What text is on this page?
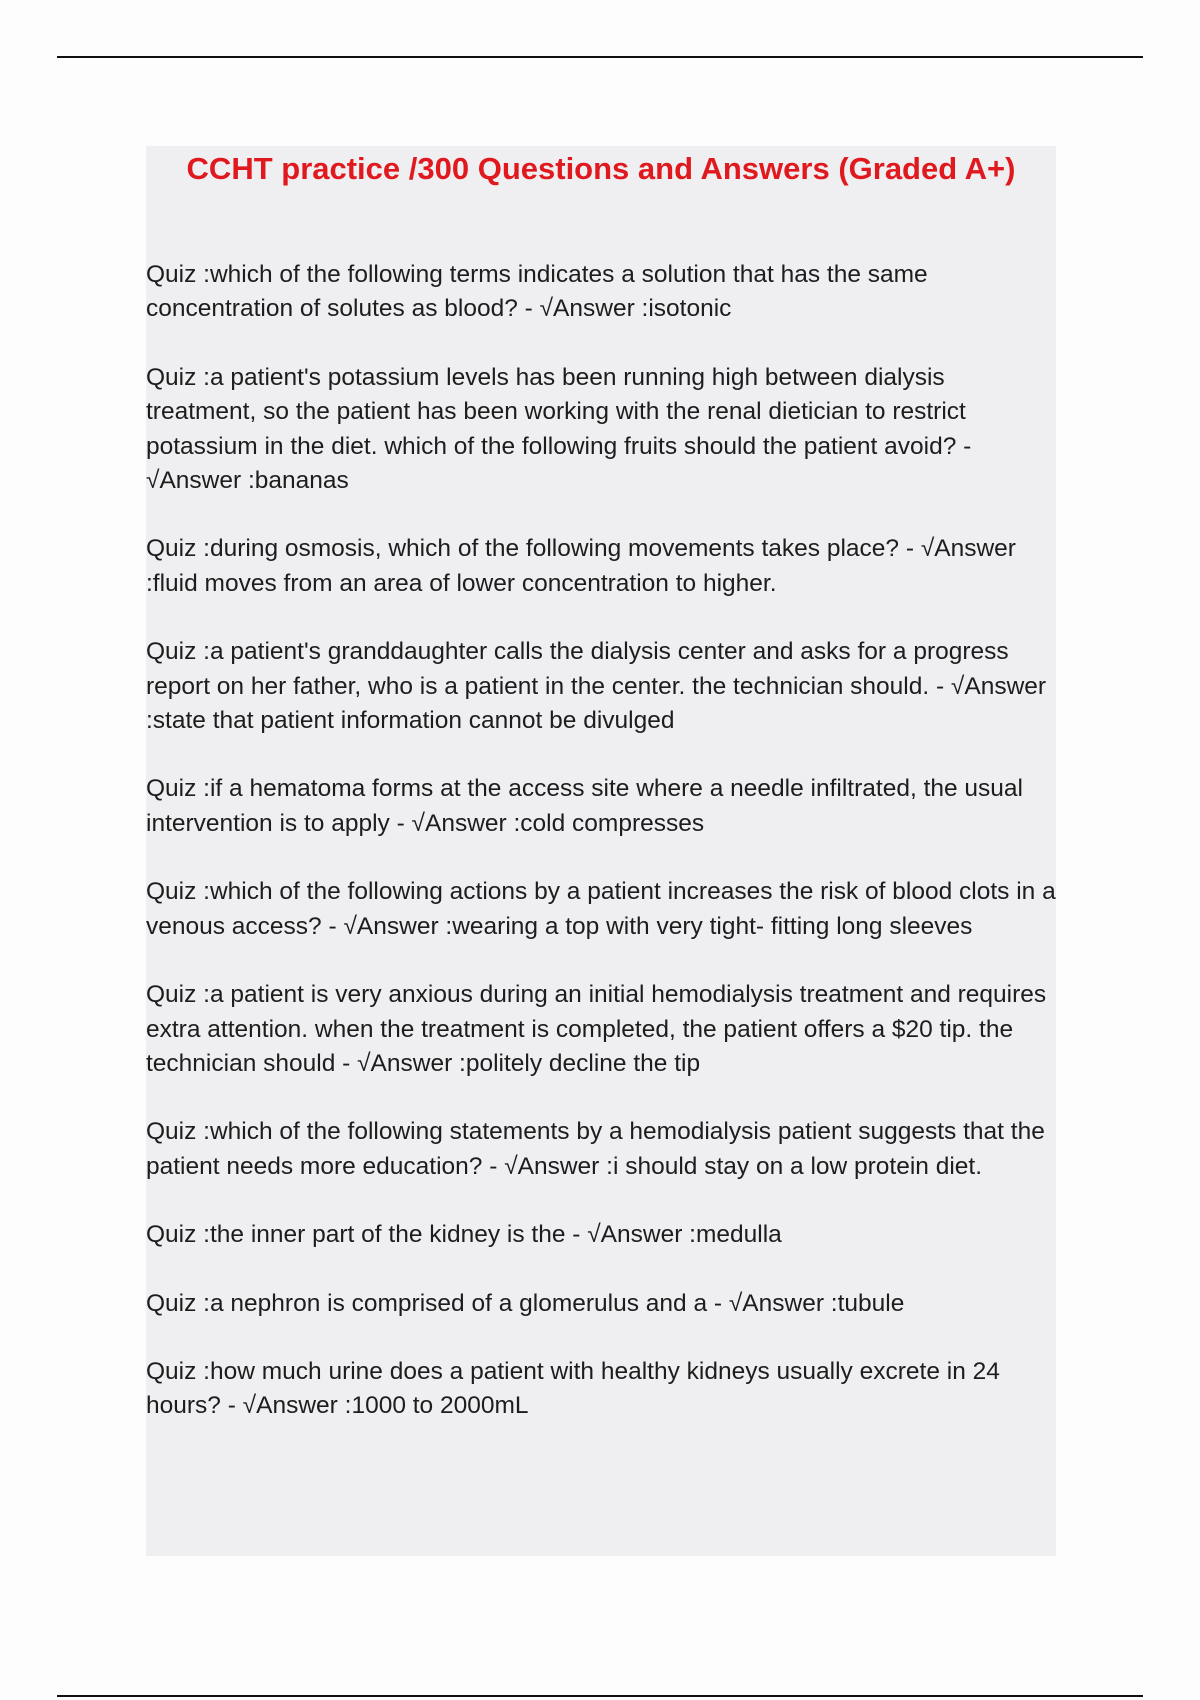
CCHT practice /300 Questions and Answers (Graded A+)

Quiz :which of the following terms indicates a solution that has the same concentration of solutes as blood? - √Answer :isotonic

Quiz :a patient's potassium levels has been running high between dialysis treatment, so the patient has been working with the renal dietician to restrict potassium in the diet. which of the following fruits should the patient avoid? - √Answer :bananas

Quiz :during osmosis, which of the following movements takes place? - √Answer :fluid moves from an area of lower concentration to higher.

Quiz :a patient's granddaughter calls the dialysis center and asks for a progress report on her father, who is a patient in the center. the technician should. - √Answer :state that patient information cannot be divulged

Quiz :if a hematoma forms at the access site where a needle infiltrated, the usual intervention is to apply - √Answer :cold compresses

Quiz :which of the following actions by a patient increases the risk of blood clots in a venous access? - √Answer :wearing a top with very tight- fitting long sleeves

Quiz :a patient is very anxious during an initial hemodialysis treatment and requires extra attention. when the treatment is completed, the patient offers a $20 tip. the technician should - √Answer :politely decline the tip

Quiz :which of the following statements by a hemodialysis patient suggests that the patient needs more education? - √Answer :i should stay on a low protein diet.

Quiz :the inner part of the kidney is the - √Answer :medulla

Quiz :a nephron is comprised of a glomerulus and a - √Answer :tubule

Quiz :how much urine does a patient with healthy kidneys usually excrete in 24 hours? - √Answer :1000 to 2000mL
